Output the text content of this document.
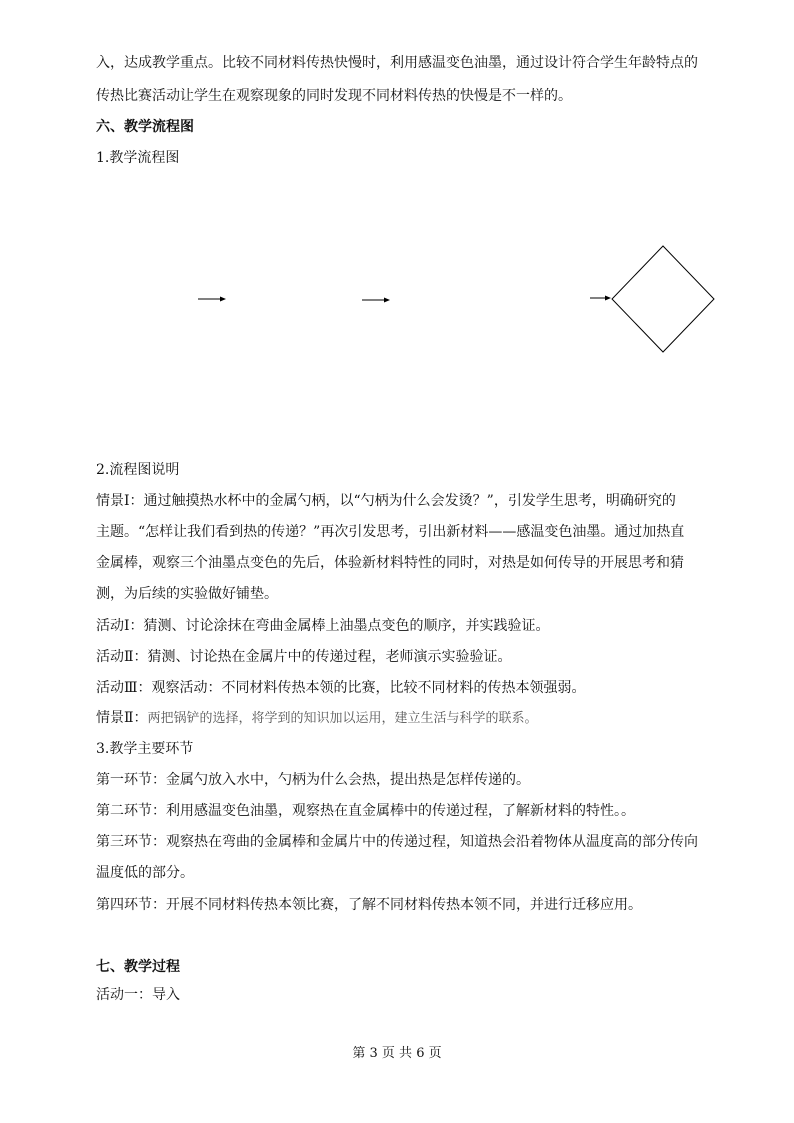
入，达成教学重点。比较不同材料传热快慢时，利用感温变色油墨，通过设计符合学生年龄特点的
传热比赛活动让学生在观察现象的同时发现不同材料传热的快慢是不一样的。
六、教学流程图
1.教学流程图
2.流程图说明
情景Ⅰ：通过触摸热水杯中的金属勺柄，以“勺柄为什么会发烫？”，引发学生思考，明确研究的
主题。“怎样让我们看到热的传递？”再次引发思考，引出新材料——感温变色油墨。通过加热直
金属棒，观察三个油墨点变色的先后，体验新材料特性的同时，对热是如何传导的开展思考和猜
测，为后续的实验做好铺垫。
活动Ⅰ：猜测、讨论涂抹在弯曲金属棒上油墨点变色的顺序，并实践验证。
活动Ⅱ：猜测、讨论热在金属片中的传递过程，老师演示实验验证。
活动Ⅲ：观察活动：不同材料传热本领的比赛，比较不同材料的传热本领强弱。
情景Ⅱ：两把锅铲的选择，将学到的知识加以运用，建立生活与科学的联系。
3.教学主要环节
第一环节：金属勺放入水中，勺柄为什么会热，提出热是怎样传递的。
第二环节：利用感温变色油墨，观察热在直金属棒中的传递过程，了解新材料的特性。。
第三环节：观察热在弯曲的金属棒和金属片中的传递过程，知道热会沿着物体从温度高的部分传向
温度低的部分。
第四环节：开展不同材料传热本领比赛，了解不同材料传热本领不同，并进行迁移应用。
七、教学过程
活动一：导入
第 3 页 共 6 页
